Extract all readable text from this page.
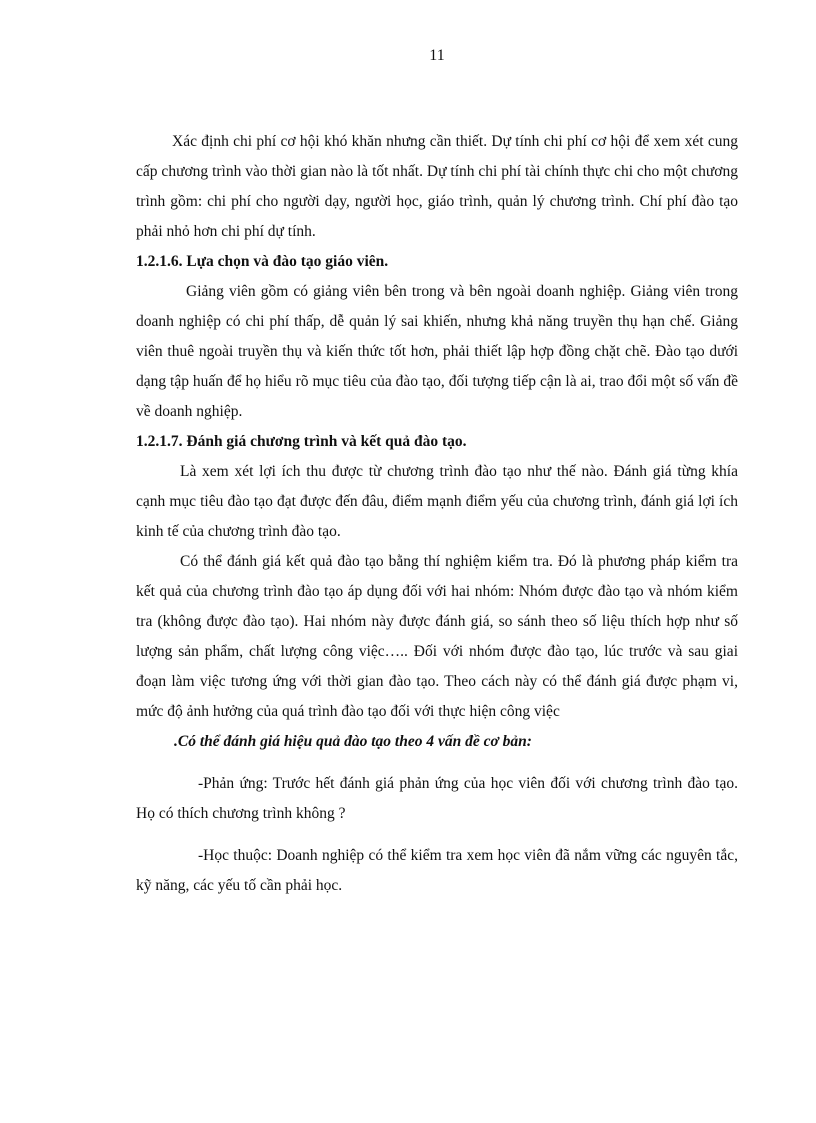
11

Xác định chi phí cơ hội khó khăn nhưng cần thiết. Dự tính chi phí cơ hội để xem xét cung cấp chương trình vào thời gian nào là tốt nhất. Dự tính chi phí tài chính thực chi cho một chương trình gồm: chi phí cho người dạy, người học, giáo trình, quản lý chương trình. Chí phí đào tạo phải nhỏ hơn chi phí dự tính.

1.2.1.6. Lựa chọn và đào tạo giáo viên.

Giảng viên gồm có giảng viên bên trong và bên ngoài doanh nghiệp. Giảng viên trong doanh nghiệp có chi phí thấp, dễ quản lý sai khiến, nhưng khả năng truyền thụ hạn chế. Giảng viên thuê ngoài truyền thụ và kiến thức tốt hơn, phải thiết lập hợp đồng chặt chẽ. Đào tạo dưới dạng tập huấn để họ hiểu rõ mục tiêu của đào tạo, đối tượng tiếp cận là ai, trao đổi một số vấn đề về doanh nghiệp.

1.2.1.7. Đánh giá chương trình và kết quả đào tạo.

Là xem xét lợi ích thu được từ chương trình đào tạo như thế nào. Đánh giá từng khía cạnh mục tiêu đào tạo đạt được đến đâu, điểm mạnh điểm yếu của chương trình, đánh giá lợi ích kinh tế của chương trình đào tạo.

Có thể đánh giá kết quả đào tạo bằng thí nghiệm kiểm tra. Đó là phương pháp kiểm tra kết quả của chương trình đào tạo áp dụng đối với hai nhóm: Nhóm được đào tạo và nhóm kiểm tra (không được đào tạo). Hai nhóm này được đánh giá, so sánh theo số liệu thích hợp như số lượng sản phẩm, chất lượng công việc….. Đối với nhóm được đào tạo, lúc trước và sau giai đoạn làm việc tương ứng với thời gian đào tạo. Theo cách này có thể đánh giá được phạm vi, mức độ ảnh hưởng của quá trình đào tạo đối với thực hiện công việc

.Có thể đánh giá hiệu quả đào tạo theo 4 vấn đề cơ bản:

-Phản ứng: Trước hết đánh giá phản ứng của học viên đối với chương trình đào tạo. Họ có thích chương trình không ?

-Học thuộc: Doanh nghiệp có thể kiểm tra xem học viên đã nắm vững các nguyên tắc, kỹ năng, các yếu tố cần phải học.
